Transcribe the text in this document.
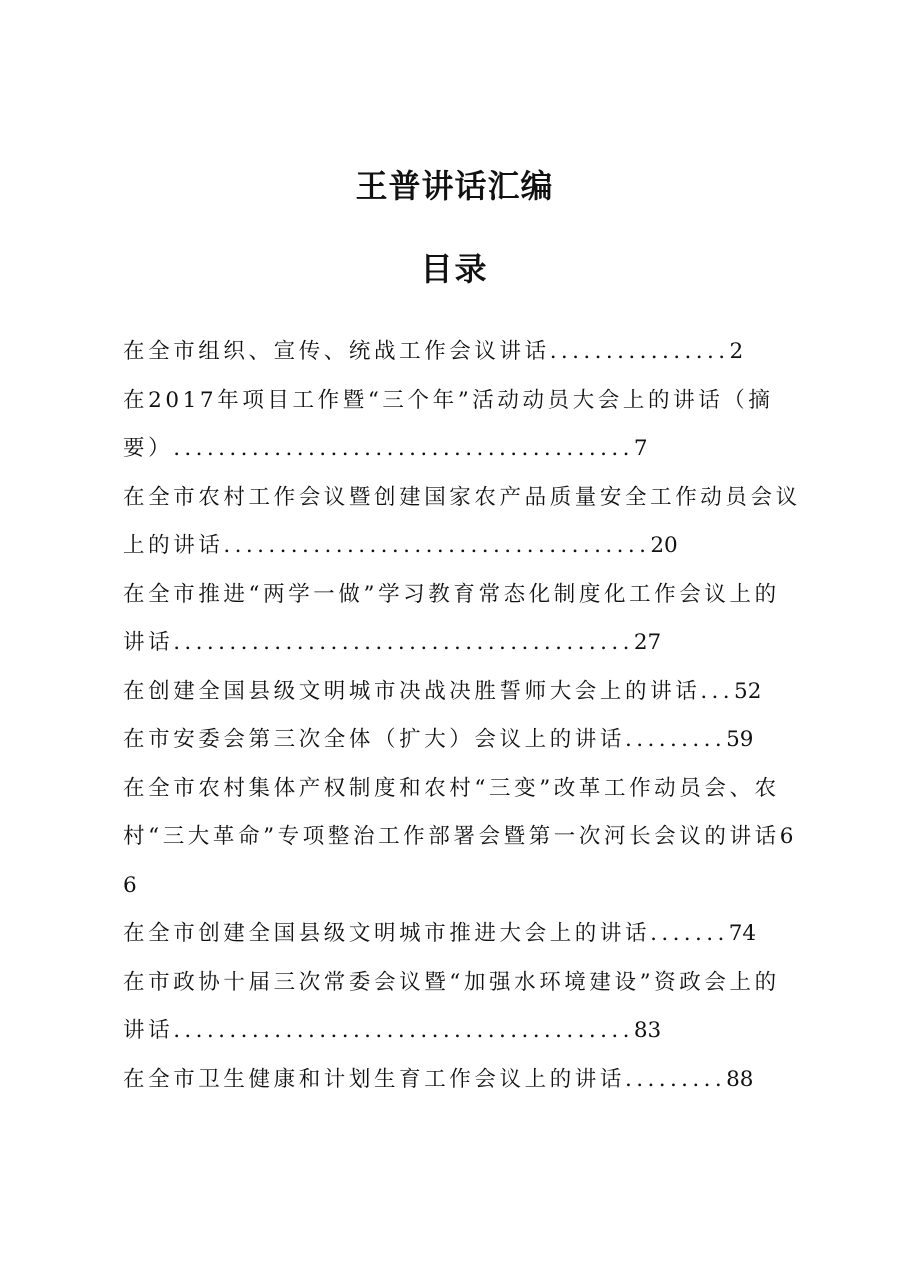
王普讲话汇编
目录
在全市组织、宣传、统战工作会议讲话................2
在2017年项目工作暨“三个年”活动动员大会上的讲话（摘要）.........................................7
在全市农村工作会议暨创建国家农产品质量安全工作动员会议上的讲话......................................20
在全市推进“两学一做”学习教育常态化制度化工作会议上的讲话.........................................27
在创建全国县级文明城市决战决胜誓师大会上的讲话...52
在市安委会第三次全体（扩大）会议上的讲话.........59
在全市农村集体产权制度和农村“三变”改革工作动员会、农村“三大革命”专项整治工作部署会暨第一次河长会议的讲话66
在全市创建全国县级文明城市推进大会上的讲话.......74
在市政协十届三次常委会议暨“加强水环境建设”资政会上的讲话.........................................83
在全市卫生健康和计划生育工作会议上的讲话.........88
